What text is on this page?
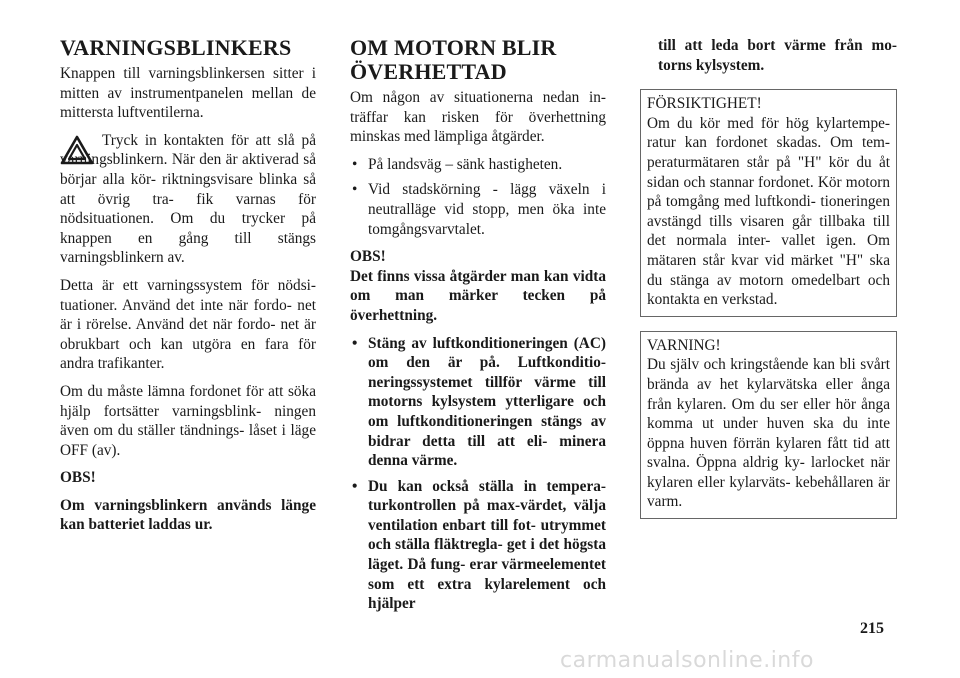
VARNINGSBLINKERS

Knappen till varningsblinkersen sitter i mitten av instrumentpanelen mellan de mittersta luftventilerna.

Tryck in kontakten för att slå på varningsblinkern. När den är aktiverad så börjar alla kör- riktningsvisare blinka så att övrig tra- fik varnas för nödsituationen. Om du trycker på knappen en gång till stängs varningsblinkern av.

Detta är ett varningssystem för nödsi- tuationer. Använd det inte när fordo- net är i rörelse. Använd det när fordo- net är obrukbart och kan utgöra en fara för andra trafikanter.

Om du måste lämna fordonet för att söka hjälp fortsätter varningsblink- ningen även om du ställer tändnings- låset i läge OFF (av).

OBS!

Om varningsblinkern används länge kan batteriet laddas ur.

OM MOTORN BLIR ÖVERHETTAD

Om någon av situationerna nedan in- träffar kan risken för överhettning minskas med lämpliga åtgärder.

• På landsväg – sänk hastigheten.
• Vid stadskörning - lägg växeln i neutralläge vid stopp, men öka inte tomgångsvarvtalet.

OBS!

Det finns vissa åtgärder man kan vidta om man märker tecken på överhettning.

• Stäng av luftkonditioneringen (AC) om den är på. Luftkonditio- neringssystemet tillför värme till motorns kylsystem ytterligare och om luftkonditioneringen stängs av bidrar detta till att eli- minera denna värme.
• Du kan också ställa in tempera- turkontrollen på max-värdet, välja ventilation enbart till fot- utrymmet och ställa fläktregla- get i det högsta läget. Då fung- erar värmeelementet som ett extra kylarelement och hjälper

till att leda bort värme från mo- torns kylsystem.

FÖRSIKTIGHET!

Om du kör med för hög kylartempe- ratur kan fordonet skadas. Om tem- peraturmätaren står på "H" kör du åt sidan och stannar fordonet. Kör motorn på tomgång med luftkondi- tioneringen avstängd tills visaren går tillbaka till det normala inter- vallet igen. Om mätaren står kvar vid märket "H" ska du stänga av motorn omedelbart och kontakta en verkstad.

VARNING!

Du själv och kringstående kan bli svårt brända av het kylarvätska eller ånga från kylaren. Om du ser eller hör ånga komma ut under huven ska du inte öppna huven förrän kylaren fått tid att svalna. Öppna aldrig ky- larlocket när kylaren eller kylarväts- kebehållaren är varm.

215
carmanualsonline.info
